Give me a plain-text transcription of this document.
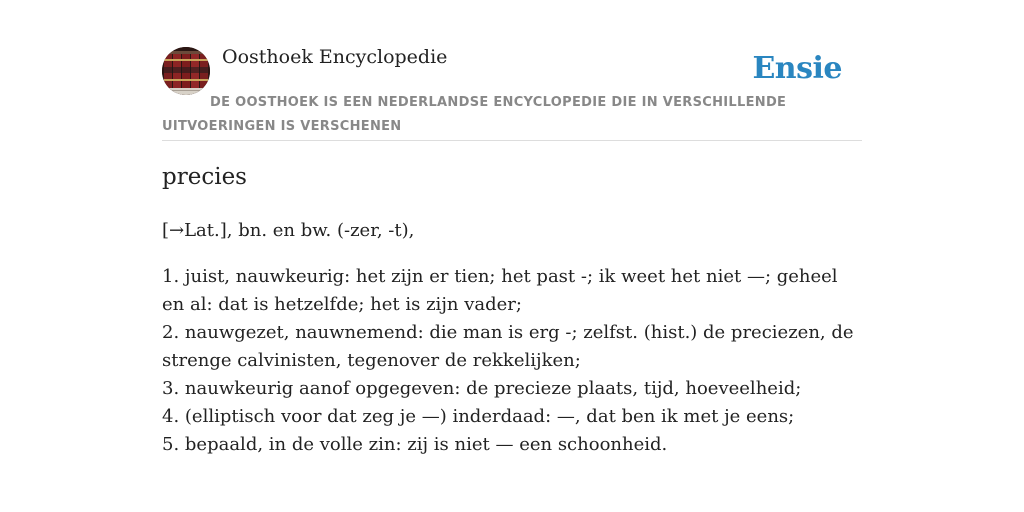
Oosthoek Encyclopedie	Ensie
DE OOSTHOEK IS EEN NEDERLANDSE ENCYCLOPEDIE DIE IN VERSCHILLENDE UITVOERINGEN IS VERSCHENEN
precies

[→Lat.], bn. en bw. (-zer, -t),

1. juist, nauwkeurig: het zijn er tien; het past -; ik weet het niet —; geheel en al: dat is hetzelfde; het is zijn vader;
2. nauwgezet, nauwnemend: die man is erg -; zelfst. (hist.) de preciezen, de strenge calvinisten, tegenover de rekkelijken;
3. nauwkeurig aanof opgegeven: de precieze plaats, tijd, hoeveelheid;
4. (elliptisch voor dat zeg je —) inderdaad: —, dat ben ik met je eens;
5. bepaald, in de volle zin: zij is niet — een schoonheid.
